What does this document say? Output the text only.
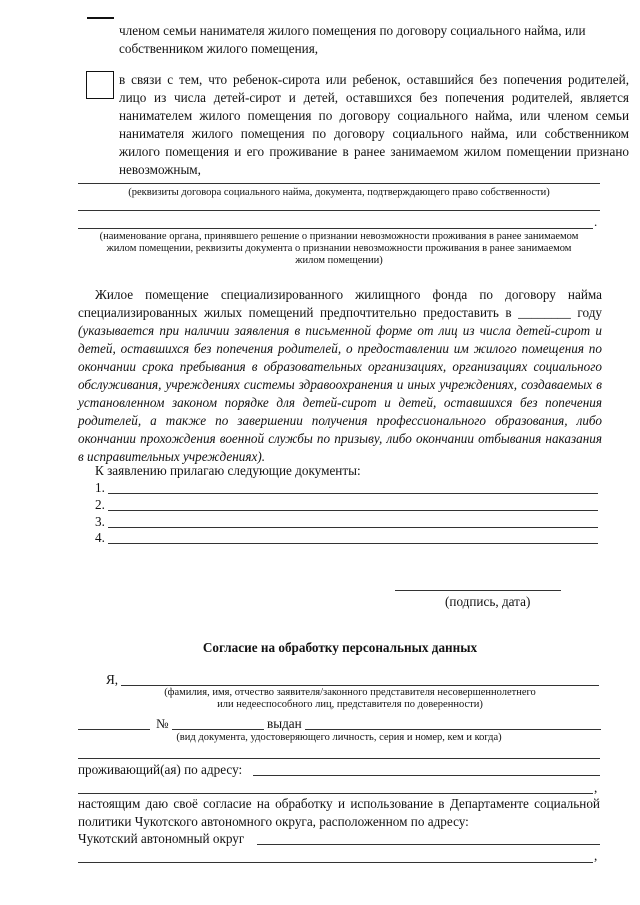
членом семьи нанимателя жилого помещения по договору социального найма, или
собственником жилого помещения,
в связи с тем, что ребенок-сирота или ребенок, оставшийся без попечения родителей, лицо из числа детей-сирот и детей, оставшихся без попечения родителей, является нанимателем жилого помещения по договору социального найма, или членом семьи нанимателя жилого помещения по договору социального найма, или собственником жилого помещения и его проживание в ранее занимаемом жилом помещении признано невозможным,
(реквизиты договора социального найма, документа, подтверждающего право собственности)
.
(наименование органа, принявшего решение о признании невозможности проживания в ранее занимаемом
жилом помещении, реквизиты документа о признании невозможности проживания в ранее занимаемом
жилом помещении)
Жилое помещение специализированного жилищного фонда по договору найма специализированных жилых помещений предпочтительно предоставить в ________ году (указывается при наличии заявления в письменной форме от лиц из числа детей-сирот и детей, оставшихся без попечения родителей, о предоставлении им жилого помещения по окончании срока пребывания в образовательных организациях, организациях социального обслуживания, учреждениях системы здравоохранения и иных учреждениях, создаваемых в установленном законом порядке для детей-сирот и детей, оставшихся без попечения родителей, а также по завершении получения профессионального образования, либо окончании прохождения военной службы по призыву, либо окончании отбывания наказания в исправительных учреждениях).
К заявлению прилагаю следующие документы:
1.
2.
3.
4.
(подпись, дата)
Согласие на обработку персональных данных
Я,
(фамилия, имя, отчество заявителя/законного представителя несовершеннолетнего
или недееспособного лиц, представителя по доверенности)
№	выдан
(вид документа, удостоверяющего личность, серия и номер, кем и когда)
проживающий(ая) по адресу:
,
настоящим даю своё согласие на обработку и использование в Департаменте социальной политики Чукотского автономного округа, расположенном по адресу:
Чукотский автономный округ
,
